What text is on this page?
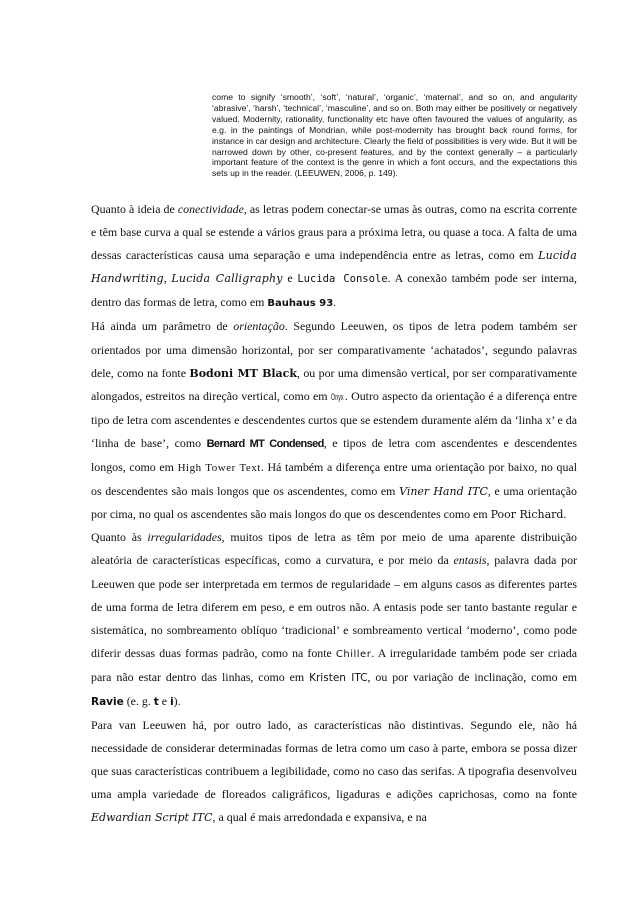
come to signify ‘smooth’, ‘soft’, ‘natural’, ‘organic’, ‘maternal’, and so on, and angularity ‘abrasive’, ‘harsh’, ‘technical’, ‘masculine’, and so on. Both may either be positively or negatively valued. Modernity, rationality, functionality etc have often favoured the values of angularity, as e.g. in the paintings of Mondrian, while post-modernity has brought back round forms, for instance in car design and architecture. Clearly the field of possibilities is very wide. But it will be narrowed down by other, co-present features, and by the context generally – a particularly important feature of the context is the genre in which a font occurs, and the expectations this sets up in the reader. (LEEUWEN, 2006, p. 149).

Quanto à ideia de conectividade, as letras podem conectar-se umas às outras, como na escrita corrente e têm base curva a qual se estende a vários graus para a próxima letra, ou quase a toca. A falta de uma dessas características causa uma separação e uma independência entre as letras, como em Lucida Handwriting, Lucida Calligraphy e Lucida Console. A conexão também pode ser interna, dentro das formas de letra, como em Bauhaus 93.

Há ainda um parâmetro de orientação. Segundo Leeuwen, os tipos de letra podem também ser orientados por uma dimensão horizontal, por ser comparativamente ‘achatados’, segundo palavras dele, como na fonte Bodoni MT Black, ou por uma dimensão vertical, por ser comparativamente alongados, estreitos na direção vertical, como em Onyx. Outro aspecto da orientação é a diferença entre tipo de letra com ascendentes e descendentes curtos que se estendem duramente além da ‘linha x’ e da ‘linha de base’, como Bernard MT Condensed, e tipos de letra com ascendentes e descendentes longos, como em High Tower Text. Há também a diferença entre uma orientação por baixo, no qual os descendentes são mais longos que os ascendentes, como em Viner Hand ITC, e uma orientação por cima, no qual os ascendentes são mais longos do que os descendentes como em Poor Richard.

Quanto às irregularidades, muitos tipos de letra as têm por meio de uma aparente distribuição aleatória de características específicas, como a curvatura, e por meio da entasis, palavra dada por Leeuwen que pode ser interpretada em termos de regularidade – em alguns casos as diferentes partes de uma forma de letra diferem em peso, e em outros não. A entasis pode ser tanto bastante regular e sistemática, no sombreamento oblíquo ‘tradicional’ e sombreamento vertical ‘moderno’, como pode diferir dessas duas formas padrão, como na fonte Chiller. A irregularidade também pode ser criada para não estar dentro das linhas, como em Kristen ITC, ou por variação de inclinação, como em Ravie (e. g. t e i).

Para van Leeuwen há, por outro lado, as características não distintivas. Segundo ele, não há necessidade de considerar determinadas formas de letra como um caso à parte, embora se possa dizer que suas características contribuem a legibilidade, como no caso das serifas. A tipografia desenvolveu uma ampla variedade de floreados caligráficos, ligaduras e adições caprichosas, como na fonte Edwardian Script ITC, a qual é mais arredondada e expansiva, e na
